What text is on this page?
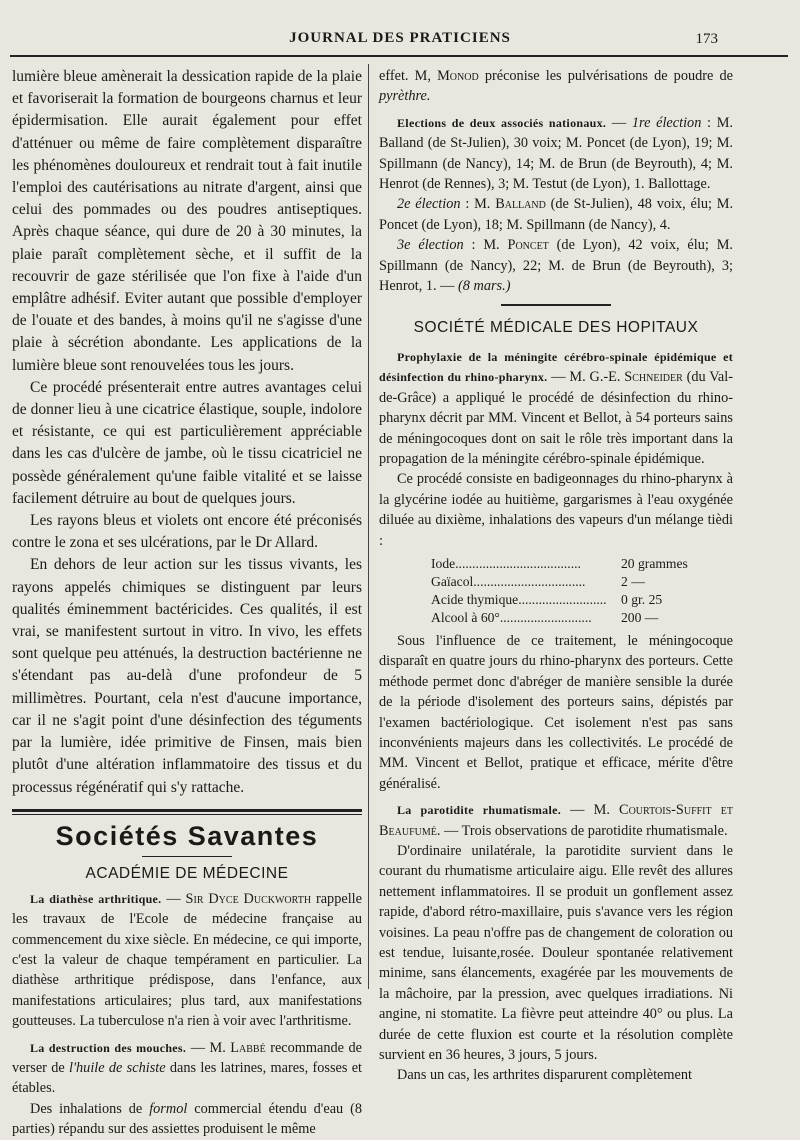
JOURNAL DES PRATICIENS	173

lumière bleue amènerait la dessication rapide de la plaie et favoriserait la formation de bourgeons charnus et leur épidermisation. Elle aurait également pour effet d'atténuer ou même de faire complètement disparaître les phénomènes douloureux et rendrait tout à fait inutile l'emploi des cautérisations au nitrate d'argent, ainsi que celui des pommades ou des poudres antiseptiques. Après chaque séance, qui dure de 20 à 30 minutes, la plaie paraît complètement sèche, et il suffit de la recouvrir de gaze stérilisée que l'on fixe à l'aide d'un emplâtre adhésif. Eviter autant que possible d'employer de l'ouate et des bandes, à moins qu'il ne s'agisse d'une plaie à sécrétion abondante. Les applications de la lumière bleue sont renouvelées tous les jours.

Ce procédé présenterait entre autres avantages celui de donner lieu à une cicatrice élastique, souple, indolore et résistante, ce qui est particulièrement appréciable dans les cas d'ulcère de jambe, où le tissu cicatriciel ne possède généralement qu'une faible vitalité et se laisse facilement détruire au bout de quelques jours.

Les rayons bleus et violets ont encore été préconisés contre le zona et ses ulcérations, par le Dr Allard.

En dehors de leur action sur les tissus vivants, les rayons appelés chimiques se distinguent par leurs qualités éminemment bactéricides. Ces qualités, il est vrai, se manifestent surtout in vitro. In vivo, les effets sont quelque peu atténués, la destruction bactérienne ne s'étendant pas au-delà d'une profondeur de 5 millimètres. Pourtant, cela n'est d'aucune importance, car il ne s'agit point d'une désinfection des téguments par la lumière, idée primitive de Finsen, mais bien plutôt d'une altération inflammatoire des tissus et du processus régénératif qui s'y rattache.

Sociétés Savantes
ACADÉMIE DE MÉDECINE

La diathèse arthritique. — Sir Dyce Duckworth rappelle les travaux de l'Ecole de médecine française au commencement du xixe siècle. En médecine, ce qui importe, c'est la valeur de chaque tempérament en particulier. La diathèse arthritique prédispose, dans l'enfance, aux manifestations articulaires; plus tard, aux manifestations goutteuses. La tuberculose n'a rien à voir avec l'arthritisme.

La destruction des mouches. — M. Labbé recommande de verser de l'huile de schiste dans les latrines, mares, fosses et étables.

Des inhalations de formol commercial étendu d'eau (8 parties) répandu sur des assiettes produisent le même

effet. M, Monod préconise les pulvérisations de poudre de pyrèthre.

Elections de deux associés nationaux. — 1re élection : M. Balland (de St-Julien), 30 voix; M. Poncet (de Lyon), 19; M. Spillmann (de Nancy), 14; M. de Brun (de Beyrouth), 4; M. Henrot (de Rennes), 3; M. Testut (de Lyon), 1. Ballottage.

2e élection : M. Balland (de St-Julien), 48 voix, élu; M. Poncet (de Lyon), 18; M. Spillmann (de Nancy), 4.

3e élection : M. Poncet (de Lyon), 42 voix, élu; M. Spillmann (de Nancy), 22; M. de Brun (de Beyrouth), 3; Henrot, 1. — (8 mars.)

SOCIÉTÉ MÉDICALE DES HOPITAUX

Prophylaxie de la méningite cérébro-spinale épidémique et désinfection du rhino-pharynx. — M. G.-E. Schneider (du Val-de-Grâce) a appliqué le procédé de désinfection du rhino-pharynx décrit par MM. Vincent et Bellot, à 54 porteurs sains de méningocoques dont on sait le rôle très important dans la propagation de la méningite cérébro-spinale épidémique.

Ce procédé consiste en badigeonnages du rhino-pharynx à la glycérine iodée au huitième, gargarismes à l'eau oxygénée diluée au dixième, inhalations des vapeurs d'un mélange tièdi :

Iode.....................................	20 grammes
Gaïacol.................................	2 —
Acide thymique..........................	0 gr. 25
Alcool à 60°...........................	200 —

Sous l'influence de ce traitement, le méningocoque disparaît en quatre jours du rhino-pharynx des porteurs. Cette méthode permet donc d'abréger de manière sensible la durée de la période d'isolement des porteurs sains, dépistés par l'examen bactériologique. Cet isolement n'est pas sans inconvénients majeurs dans les collectivités. Le procédé de MM. Vincent et Bellot, pratique et efficace, mérite d'être généralisé.

La parotidite rhumatismale. — M. Courtois-Suffit et Beaufumé. — Trois observations de parotidite rhumatismale.

D'ordinaire unilatérale, la parotidite survient dans le courant du rhumatisme articulaire aigu. Elle revêt des allures nettement inflammatoires. Il se produit un gonflement assez rapide, d'abord rétro-maxillaire, puis s'avance vers les région voisines. La peau n'offre pas de changement de coloration ou est tendue, luisante,rosée. Douleur spontanée relativement minime, sans élancements, exagérée par les mouvements de la mâchoire, par la pression, avec quelques irradiations. Ni angine, ni stomatite. La fièvre peut atteindre 40° ou plus. La durée de cette fluxion est courte et la résolution complète survient en 36 heures, 3 jours, 5 jours.

Dans un cas, les arthrites disparurent complètement
